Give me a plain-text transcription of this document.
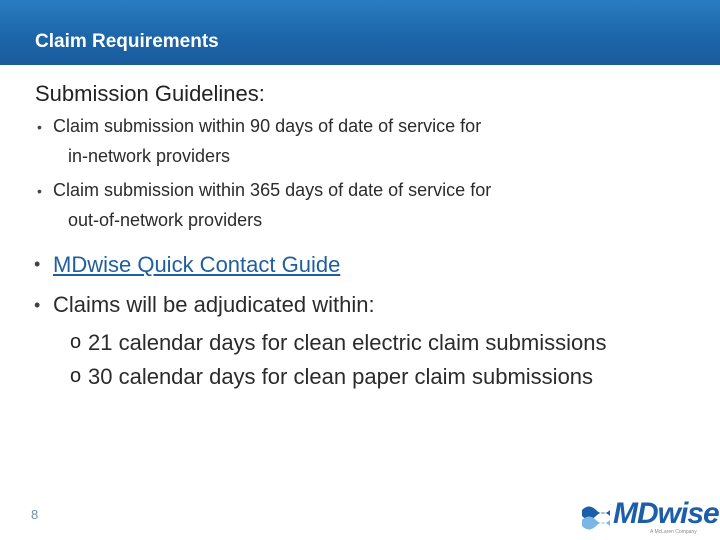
Claim Requirements
Submission Guidelines:
• Claim submission within 90 days of date of service for
in-network providers
• Claim submission within 365 days of date of service for
out-of-network providers
• MDwise Quick Contact Guide
• Claims will be adjudicated within:
o 21 calendar days for clean electric claim submissions
o 30 calendar days for clean paper claim submissions
8	MDwise
A McLaren Company
